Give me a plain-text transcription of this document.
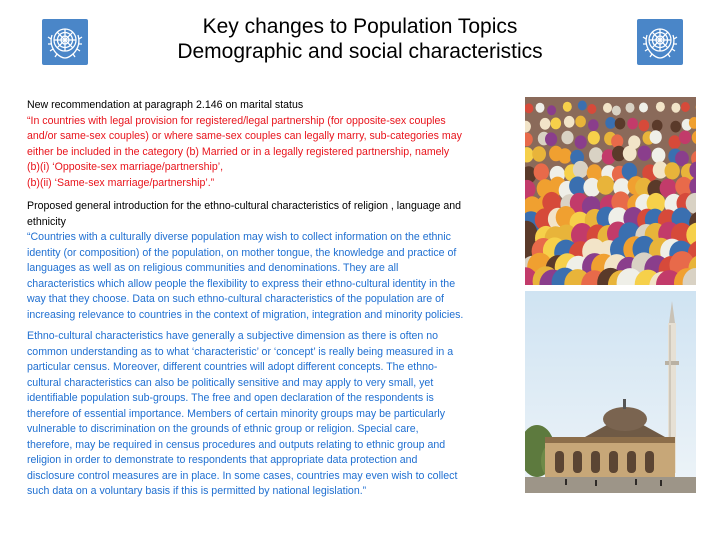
Key changes to Population Topics
Demographic and social characteristics
New recommendation at paragraph 2.146 on marital status
“In countries with legal provision for registered/legal partnership (for opposite-sex couples
and/or same-sex couples) or where same-sex couples can legally marry, sub-categories may
either be included in the category (b) Married or in a legally registered partnership, namely
(b)(i) ‘Opposite-sex marriage/partnership’,
(b)(ii) ‘Same-sex marriage/partnership’.”
Proposed general introduction for the ethno-cultural characteristics of religion , language and
ethnicity
“Countries with a culturally diverse population may wish to collect information on the ethnic
identity (or composition) of the population, on mother tongue, the knowledge and practice of
languages as well as on religious communities and denominations. They are all
characteristics which allow people the flexibility to express their ethno-cultural identity in the
way that they choose. Data on such ethno-cultural characteristics of the population are of
increasing relevance to countries in the context of migration, integration and minority policies.
Ethno-cultural characteristics have generally a subjective dimension as there is often no
common understanding as to what ‘characteristic’ or ‘concept’ is really being measured in a
particular census. Moreover, different countries will adopt different concepts. The ethno-
cultural characteristics can also be politically sensitive and may apply to very small, yet
identifiable population sub-groups. The free and open declaration of the respondents is
therefore of essential importance. Members of certain minority groups may be particularly
vulnerable to discrimination on the grounds of ethnic group or religion. Special care,
therefore, may be required in census procedures and outputs relating to ethnic group and
religion in order to demonstrate to respondents that appropriate data protection and
disclosure control measures are in place. In some cases, countries may even wish to collect
such data on a voluntary basis if this is permitted by national legislation.”
